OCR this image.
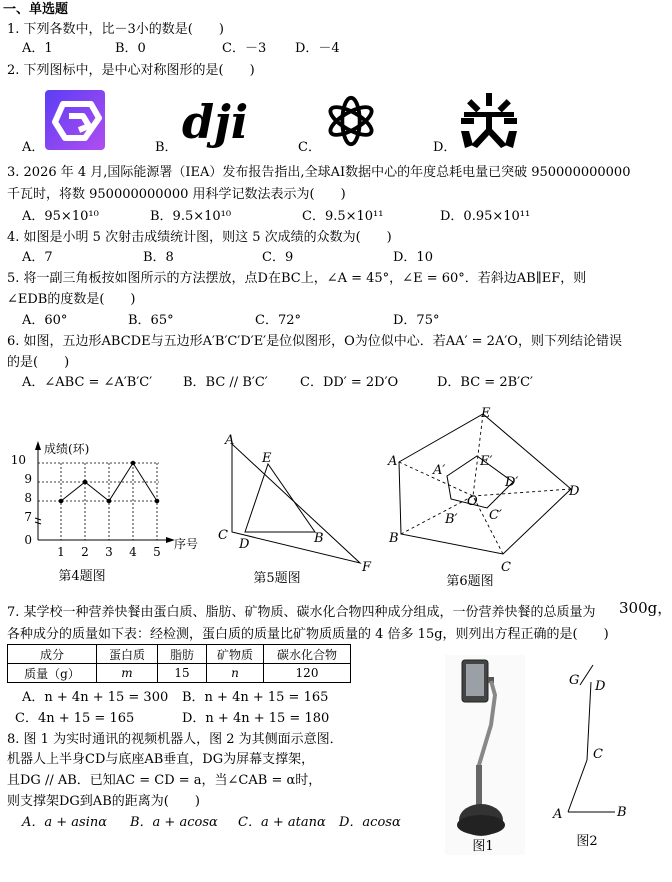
一、单选题
1. 下列各数中，比－3小的数是(　　)
A．1	B．0	C．－3 D．－4
2. 下列图标中，是中心对称图形的是(　　)
A．	B．	C．	D．
dji
3. 2026 年 4 月,国际能源署（IEA）发布报告指出,全球AI数据中心的年度总耗电量已突破 950000000000
千瓦时，将数 950000000000 用科学记数法表示为(　　)
A．95×10¹⁰	B．9.5×10¹⁰	C．9.5×10¹¹	D．0.95×10¹¹
4. 如图是小明 5 次射击成绩统计图，则这 5 次成绩的众数为(　　)
A．7	B．8	C．9	D．10
5. 将一副三角板按如图所示的方法摆放，点D在BC上，∠A = 45°，∠E = 60°．若斜边AB∥EF，则
∠EDB的度数是(　　)
A．60°	B．65°	C．72°	D．75°
6. 如图，五边形ABCDE与五边形A′B′C′D′E′是位似图形，O为位似中心．若AA′ = 2A′O，则下列结论错误
的是(　　)
A．∠ABC = ∠A′B′C′ B．BC // B′C′ C．DD′ = 2D′O	D．BC = 2B′C′
成绩(环)
序号
10
9
8
7
0
1 2 3 4 5
第4题图
A
E
C
D	B
F
第5题图
E
A
A′
E′
D′
O
D
B′ C′
B
C
第6题图
7. 某学校一种营养快餐由蛋白质、脂肪、矿物质、碳水化合物四种成分组成，一份营养快餐的总质量为 300g，
各种成分的质量如下表：经检测，蛋白质的质量比矿物质质量的 4 倍多 15g，则列出方程正确的是(　　)
成分	蛋白质	脂肪	矿物质	碳水化合物
质量（g）	m	15	n	120
A．n + 4n + 15 = 300 B．n + 4n + 15 = 165
C．4n + 15 = 165	D．n + 4n + 15 = 180
8. 图 1 为实时通讯的视频机器人，图 2 为其侧面示意图．
机器人上半身CD与底座AB垂直，DG为屏幕支撑架，
且DG // AB．已知AC = CD = a，当∠CAB = α时，
则支撑架DG到AB的距离为(　　)
A．a + asinα B．a + acosα C．a + atanα D．acosα
图1
G D
C
A	B
图2
